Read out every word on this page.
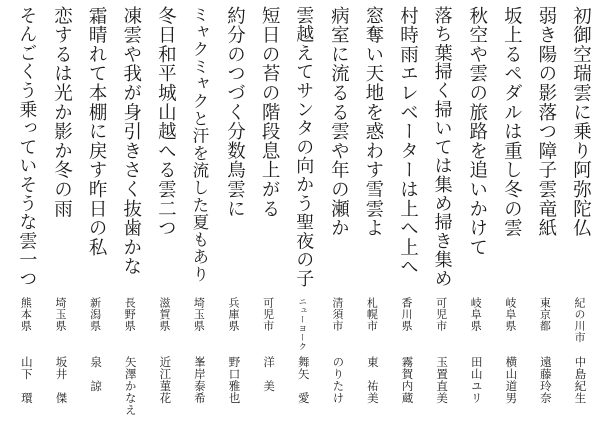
初御空瑞雲に乗り阿弥陀仏
紀の川市
中島紀生
弱き陽の影落つ障子雲竜紙
東京都
遠藤玲奈
坂上るペダルは重し冬の雲
岐阜県
横山道男
秋空や雲の旅路を追いかけて
岐阜県
田山ユリ
落ち葉掃く掃いては集め掃き集め
可児市
玉置直美
村時雨エレベーターは上へ上へ
香川県
霧賀内蔵
窓奪い天地を惑わす雪雲よ
札幌市
東　祐美
病室に流るる雲や年の瀬か
清須市
のりたけ
雲越えてサンタの向かう聖夜の子
ニューヨーク
舞矢　愛
短日の苔の階段息上がる
可児市
洋　美
約分のつづく分数鳥雲に
兵庫県
野口雅也
ミャクミャクと汗を流した夏もあり
埼玉県
峯岸泰希
冬日和平城山越へる雲二つ
滋賀県
近江菫花
凍雲や我が身引きさく抜歯かな
長野県
矢澤かなえ
霜晴れて本棚に戻す昨日の私
新潟県
泉　諒
恋するは光か影か冬の雨
埼玉県
坂井　傑
そんごくう乗っていそうな雲一つ
熊本県
山下　環
